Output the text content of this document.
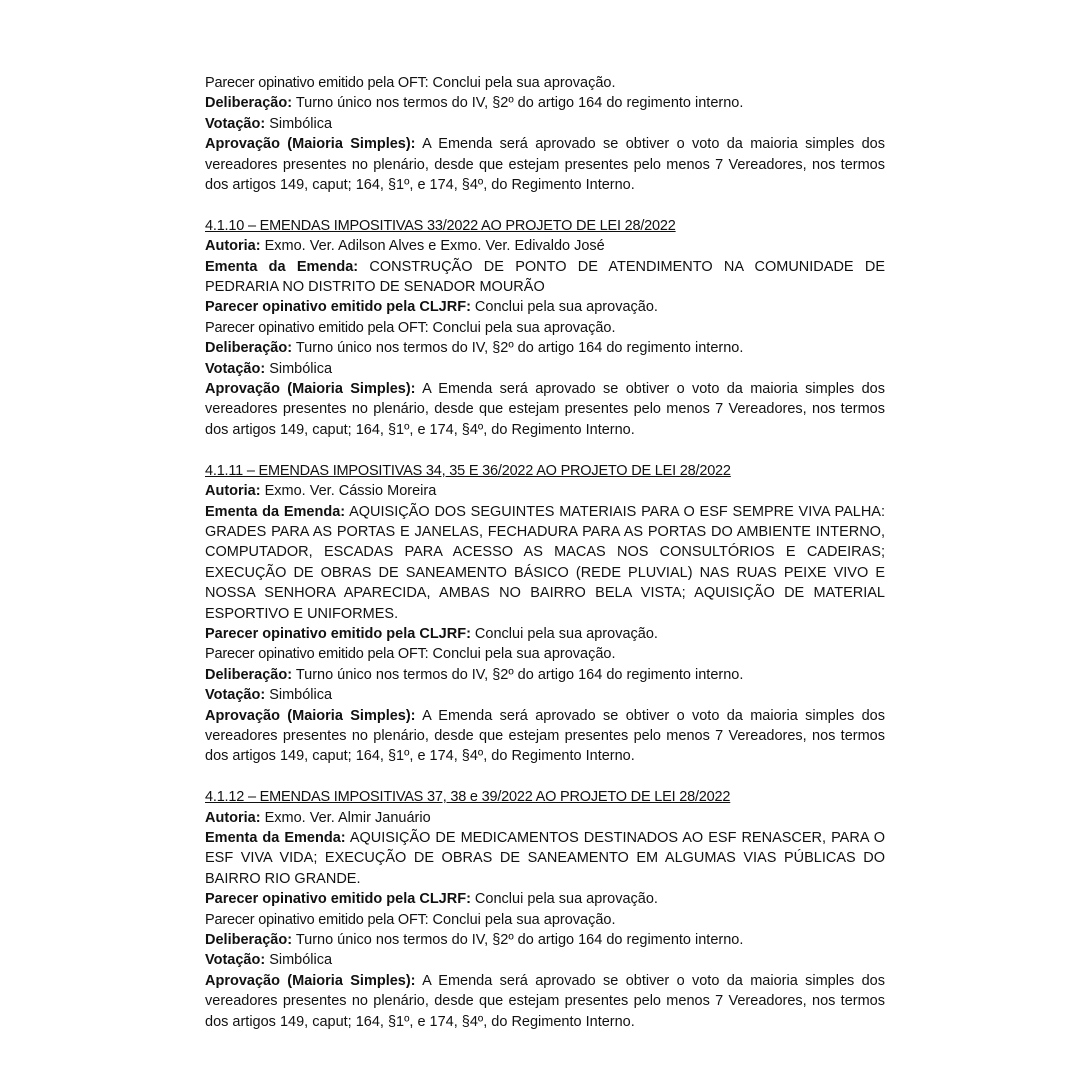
Parecer opinativo emitido pela OFT: Conclui pela sua aprovação.

Deliberação: Turno único nos termos do IV, §2º do artigo 164 do regimento interno.

Votação: Simbólica

Aprovação (Maioria Simples): A Emenda será aprovado se obtiver o voto da maioria simples dos vereadores presentes no plenário, desde que estejam presentes pelo menos 7 Vereadores, nos termos dos artigos 149, caput; 164, §1º, e 174, §4º, do Regimento Interno.

4.1.10 – EMENDAS IMPOSITIVAS 33/2022 AO PROJETO DE LEI 28/2022

Autoria: Exmo. Ver. Adilson Alves e Exmo. Ver. Edivaldo José

Ementa da Emenda: CONSTRUÇÃO DE PONTO DE ATENDIMENTO NA COMUNIDADE DE PEDRARIA NO DISTRITO DE SENADOR MOURÃO

Parecer opinativo emitido pela CLJRF: Conclui pela sua aprovação.

Parecer opinativo emitido pela OFT: Conclui pela sua aprovação.

Deliberação: Turno único nos termos do IV, §2º do artigo 164 do regimento interno.

Votação: Simbólica

Aprovação (Maioria Simples): A Emenda será aprovado se obtiver o voto da maioria simples dos vereadores presentes no plenário, desde que estejam presentes pelo menos 7 Vereadores, nos termos dos artigos 149, caput; 164, §1º, e 174, §4º, do Regimento Interno.

4.1.11 – EMENDAS IMPOSITIVAS 34, 35 E 36/2022 AO PROJETO DE LEI 28/2022

Autoria: Exmo. Ver. Cássio Moreira

Ementa da Emenda: AQUISIÇÃO DOS SEGUINTES MATERIAIS PARA O ESF SEMPRE VIVA PALHA: GRADES PARA AS PORTAS E JANELAS, FECHADURA PARA AS PORTAS DO AMBIENTE INTERNO, COMPUTADOR, ESCADAS PARA ACESSO AS MACAS NOS CONSULTÓRIOS E CADEIRAS; EXECUÇÃO DE OBRAS DE SANEAMENTO BÁSICO (REDE PLUVIAL) NAS RUAS PEIXE VIVO E NOSSA SENHORA APARECIDA, AMBAS NO BAIRRO BELA VISTA; AQUISIÇÃO DE MATERIAL ESPORTIVO E UNIFORMES.

Parecer opinativo emitido pela CLJRF: Conclui pela sua aprovação.

Parecer opinativo emitido pela OFT: Conclui pela sua aprovação.

Deliberação: Turno único nos termos do IV, §2º do artigo 164 do regimento interno.

Votação: Simbólica

Aprovação (Maioria Simples): A Emenda será aprovado se obtiver o voto da maioria simples dos vereadores presentes no plenário, desde que estejam presentes pelo menos 7 Vereadores, nos termos dos artigos 149, caput; 164, §1º, e 174, §4º, do Regimento Interno.

4.1.12 – EMENDAS IMPOSITIVAS 37, 38 e 39/2022 AO PROJETO DE LEI 28/2022

Autoria: Exmo. Ver. Almir Januário

Ementa da Emenda: AQUISIÇÃO DE MEDICAMENTOS DESTINADOS AO ESF RENASCER, PARA O ESF VIVA VIDA; EXECUÇÃO DE OBRAS DE SANEAMENTO EM ALGUMAS VIAS PÚBLICAS DO BAIRRO RIO GRANDE.

Parecer opinativo emitido pela CLJRF: Conclui pela sua aprovação.

Parecer opinativo emitido pela OFT: Conclui pela sua aprovação.

Deliberação: Turno único nos termos do IV, §2º do artigo 164 do regimento interno.

Votação: Simbólica

Aprovação (Maioria Simples): A Emenda será aprovado se obtiver o voto da maioria simples dos vereadores presentes no plenário, desde que estejam presentes pelo menos 7 Vereadores, nos termos dos artigos 149, caput; 164, §1º, e 174, §4º, do Regimento Interno.
